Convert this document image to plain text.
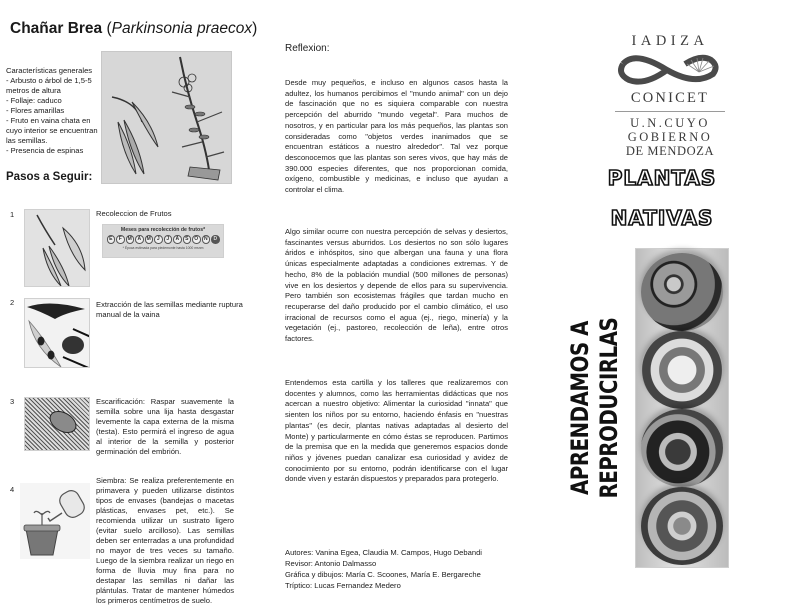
Chañar Brea (Parkinsonia praecox)
Características generales
- Arbusto o árbol de 1,5-5 metros de altura
- Follaje: caduco
- Flores amarillas
- Fruto en vaina chata en cuyo interior se encuentran las semillas.
- Presencia de espinas
Pasos a Seguir:
1	Recoleccion de Frutos
Meses para recolección de frutos*
E	F	M	A	M	J	J	A	S	O	N	D
* Época estimada para piedemonte hasta 1000 msnm
2	Extracción de las semillas mediante ruptura manual de la vaina
3	Escarificación: Raspar suavemente la semilla sobre una lija hasta desgastar levemente la capa externa de la misma (testa). Esto permirá el ingreso de agua al interior de la semilla y posterior germinación del embrión.
4
Siembra: Se realiza preferentemente en primavera y pueden utilizarse distintos tipos de envases (bandejas o macetas plásticas, envases pet, etc.). Se recomienda utilizar un sustrato ligero (evitar suelo arcilloso). Las semillas deben ser enterradas a una profundidad no mayor de tres veces su tamaño. Luego de la siembra realizar un riego en forma de lluvia muy fina para no destapar las semillas ni dañar las plántulas. Tratar de mantener húmedos los primeros centímetros de suelo.
Reflexion:
Desde muy pequeños, e incluso en algunos casos hasta la adultez, los humanos percibimos el "mundo animal" con un dejo de fascinación que no es siquiera comparable con nuestra percepción del aburrido "mundo vegetal". Para muchos de nosotros, y en particular para los más pequeños, las plantas son consideradas como "objetos verdes inanimados que se encuentran estáticos a nuestro alrededor". Tal vez porque desconocemos que las plantas son seres vivos, que hay más de 390.000 especies diferentes, que nos proporcionan comida, oxígeno, combustible y medicinas, e incluso que ayudan a controlar el clima.
Algo similar ocurre con nuestra percepción de selvas y desiertos, fascinantes versus aburridos. Los desiertos no son sólo lugares áridos e inhóspitos, sino que albergan una fauna y una flora únicas especialmente adaptadas a condiciones extremas. Y de hecho, 8% de la población mundial (500 millones de personas) vive en los desiertos y depende de ellos para su supervivencia. Pero también son ecosistemas frágiles que tardan mucho en recuperarse del daño producido por el cambio climático, el uso irracional de recursos como el agua (ej., riego, minería) y la vegetación (ej., pastoreo, recolección de leña), entre otros factores.
Entendemos esta cartilla y los talleres que realizaremos con docentes y alumnos, como las herramientas didácticas que nos acercan a nuestro objetivo: Alimentar la curiosidad "innata" que sienten los niños por su entorno, haciendo énfasis en "nuestras plantas" (es decir, plantas nativas adaptadas al desierto del Monte) y particularmente en cómo éstas se reproducen. Partimos de la premisa que en la medida que generemos espacios donde niños y jóvenes puedan canalizar esa curiosidad y avidez de conocimiento por su entorno, podrán identificarse con el lugar donde viven y estarán dispuestos y preparados para protegerlo.
Autores: Vanina Egea, Claudia M. Campos, Hugo Debandi
Revisor: Antonio Dalmasso
Gráfica y dibujos: María C. Scoones, María E. Bergareche
Tríptico: Lucas Fernandez Medero
IADIZA
CONICET
U.N.CUYO
GOBIERNO
DE MENDOZA
PLANTAS
NATIVAS
APRENDAMOS A REPRODUCIRLAS
